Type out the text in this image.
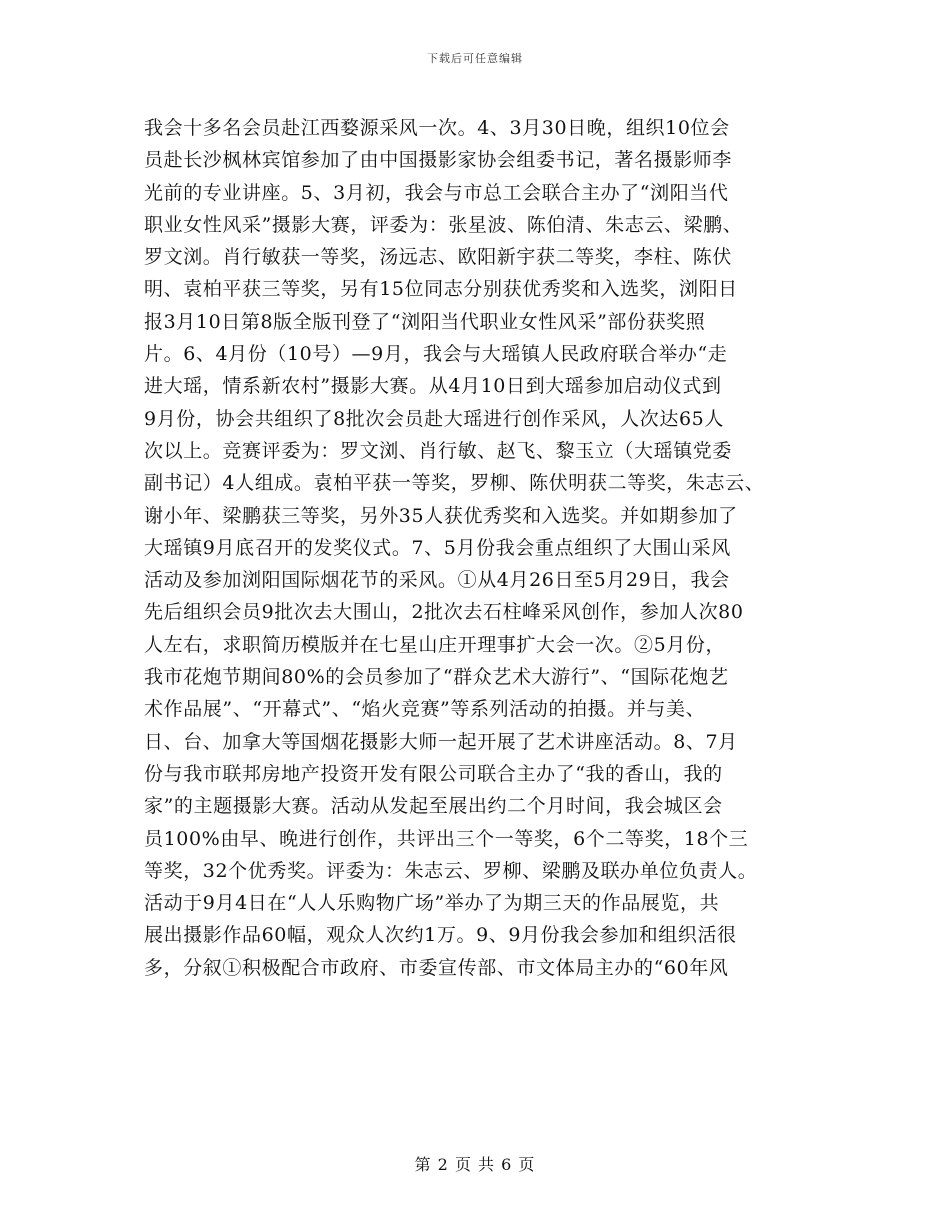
下载后可任意编辑
我会十多名会员赴江西婺源采风一次。4、3月30日晚，组织10位会
员赴长沙枫林宾馆参加了由中国摄影家协会组委书记，著名摄影师李
光前的专业讲座。5、3月初，我会与市总工会联合主办了“浏阳当代
职业女性风采”摄影大赛，评委为：张星波、陈伯清、朱志云、梁鹏、
罗文浏。肖行敏获一等奖，汤远志、欧阳新宇获二等奖，李柱、陈伏
明、袁柏平获三等奖，另有15位同志分别获优秀奖和入选奖，浏阳日
报3月10日第8版全版刊登了“浏阳当代职业女性风采”部份获奖照
片。6、4月份（10号）—9月，我会与大瑶镇人民政府联合举办“走
进大瑶，情系新农村”摄影大赛。从4月10日到大瑶参加启动仪式到
9月份，协会共组织了8批次会员赴大瑶进行创作采风，人次达65人
次以上。竞赛评委为：罗文浏、肖行敏、赵飞、黎玉立（大瑶镇党委
副书记）4人组成。袁柏平获一等奖，罗柳、陈伏明获二等奖，朱志云、
谢小年、梁鹏获三等奖，另外35人获优秀奖和入选奖。并如期参加了
大瑶镇9月底召开的发奖仪式。7、5月份我会重点组织了大围山采风
活动及参加浏阳国际烟花节的采风。①从4月26日至5月29日，我会
先后组织会员9批次去大围山，2批次去石柱峰采风创作，参加人次80
人左右，求职简历模版并在七星山庄开理事扩大会一次。②5月份，
我市花炮节期间80%的会员参加了“群众艺术大游行”、“国际花炮艺
术作品展”、“开幕式”、“焰火竞赛”等系列活动的拍摄。并与美、
日、台、加拿大等国烟花摄影大师一起开展了艺术讲座活动。8、7月
份与我市联邦房地产投资开发有限公司联合主办了“我的香山，我的
家”的主题摄影大赛。活动从发起至展出约二个月时间，我会城区会
员100%由早、晚进行创作，共评出三个一等奖，6个二等奖，18个三
等奖，32个优秀奖。评委为：朱志云、罗柳、梁鹏及联办单位负责人。
活动于9月4日在“人人乐购物广场”举办了为期三天的作品展览，共
展出摄影作品60幅，观众人次约1万。9、9月份我会参加和组织活很
多，分叙①积极配合市政府、市委宣传部、市文体局主办的“60年风
第 2 页 共 6 页
